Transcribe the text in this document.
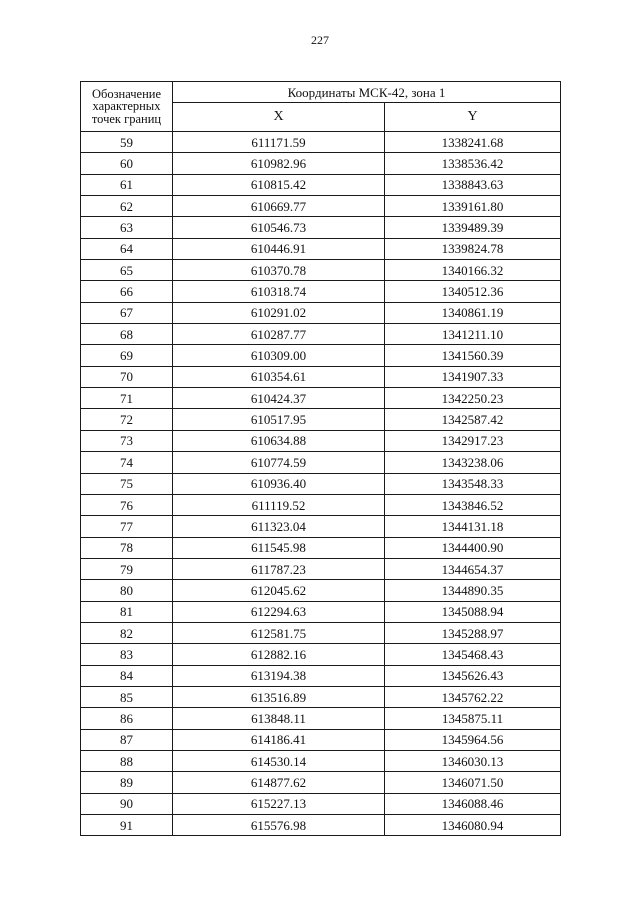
227
Обозначение
характерных
точек границ	Координаты МСК-42, зона 1	
	X	Y
59	611171.59	1338241.68
60	610982.96	1338536.42
61	610815.42	1338843.63
62	610669.77	1339161.80
63	610546.73	1339489.39
64	610446.91	1339824.78
65	610370.78	1340166.32
66	610318.74	1340512.36
67	610291.02	1340861.19
68	610287.77	1341211.10
69	610309.00	1341560.39
70	610354.61	1341907.33
71	610424.37	1342250.23
72	610517.95	1342587.42
73	610634.88	1342917.23
74	610774.59	1343238.06
75	610936.40	1343548.33
76	611119.52	1343846.52
77	611323.04	1344131.18
78	611545.98	1344400.90
79	611787.23	1344654.37
80	612045.62	1344890.35
81	612294.63	1345088.94
82	612581.75	1345288.97
83	612882.16	1345468.43
84	613194.38	1345626.43
85	613516.89	1345762.22
86	613848.11	1345875.11
87	614186.41	1345964.56
88	614530.14	1346030.13
89	614877.62	1346071.50
90	615227.13	1346088.46
91	615576.98	1346080.94
